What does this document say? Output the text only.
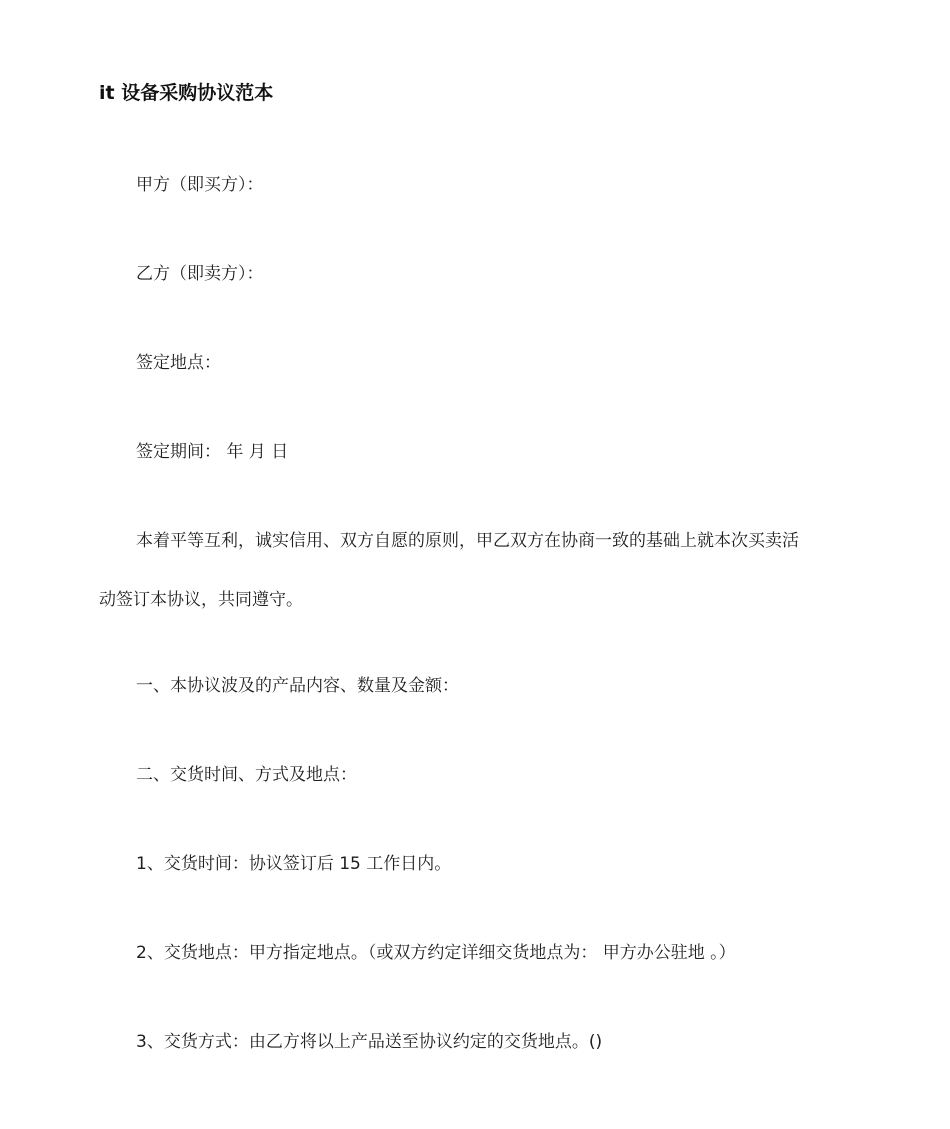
it 设备采购协议范本
甲方（即买方）：
乙方（即卖方）：
签定地点：
签定期间： 年 月 日
本着平等互利，诚实信用、双方自愿的原则，甲乙双方在协商一致的基础上就本次买卖活
动签订本协议，共同遵守。
一、本协议波及的产品内容、数量及金额：
二、交货时间、方式及地点：
1、交货时间：协议签订后 15 工作日内。
2、交货地点：甲方指定地点。（或双方约定详细交货地点为： 甲方办公驻地 。）
3、交货方式：由乙方将以上产品送至协议约定的交货地点。()
